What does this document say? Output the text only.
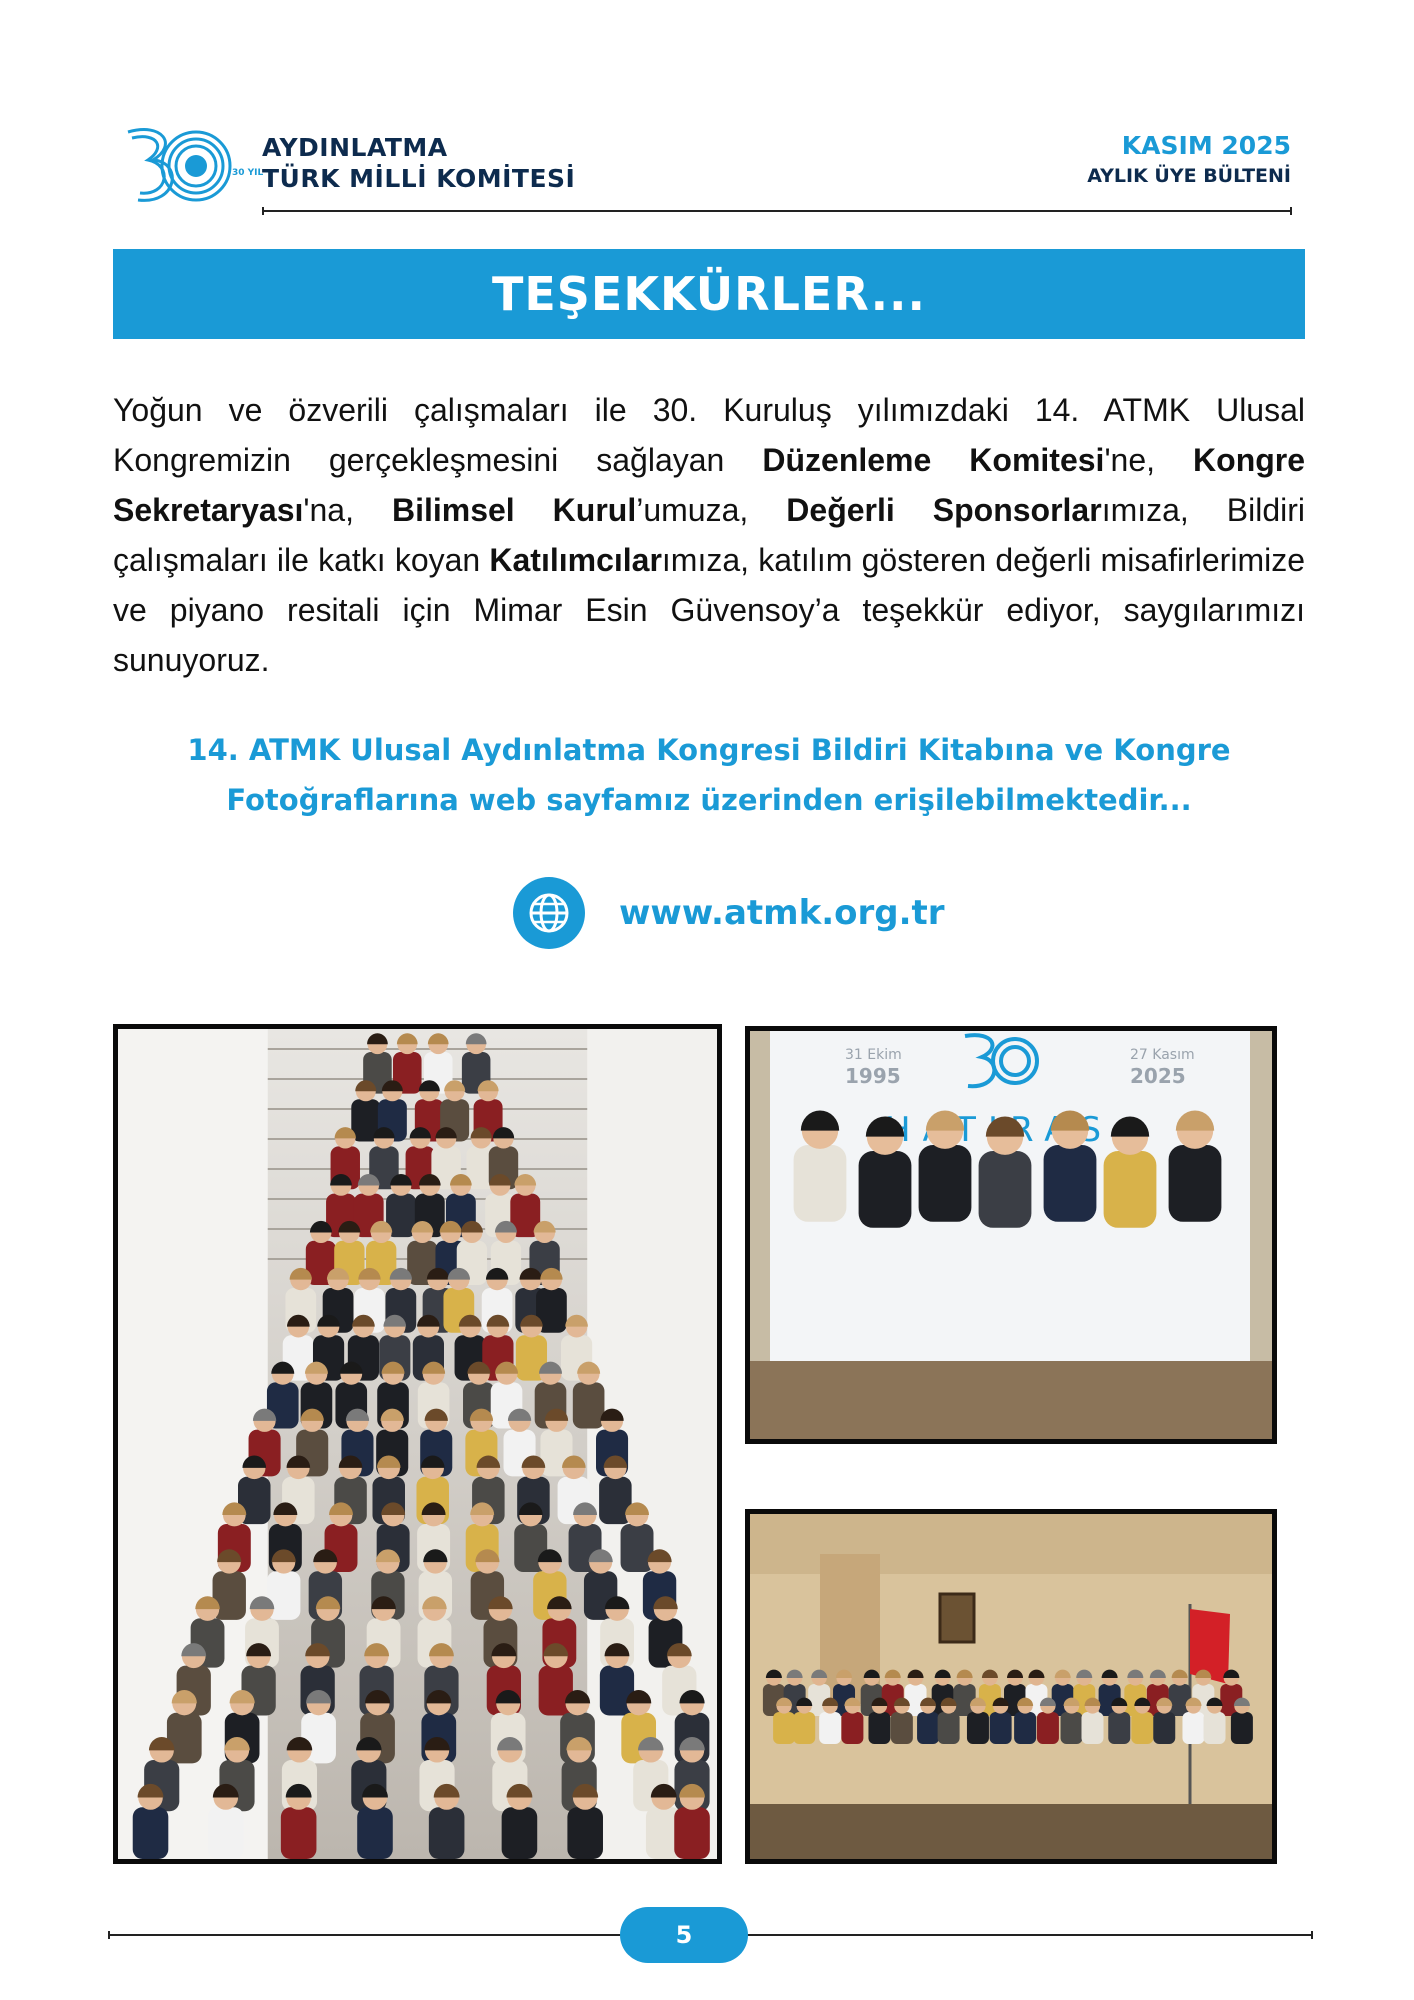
30 YIL
AYDINLATMA
TÜRK MİLLİ KOMİTESİ
KASIM 2025
AYLIK ÜYE BÜLTENİ
TEŞEKKÜRLER...

Yoğun ve özverili çalışmaları ile 30. Kuruluş yılımızdaki 14. ATMK Ulusal Kongremizin gerçekleşmesini sağlayan Düzenleme Komitesi'ne, Kongre Sekretaryası'na, Bilimsel Kurul’umuza, Değerli Sponsorlarımıza, Bildiri çalışmaları ile katkı koyan Katılımcılarımıza, katılım gösteren değerli misafirlerimize ve piyano resitali için Mimar Esin Güvensoy’a teşekkür ediyor, saygılarımızı sunuyoruz.

14. ATMK Ulusal Aydınlatma Kongresi Bildiri Kitabına ve Kongre
Fotoğraflarına web sayfamız üzerinden erişilebilmektedir...
www.atmk.org.tr
31 Ekim
1995
27 Kasım
2025
5
